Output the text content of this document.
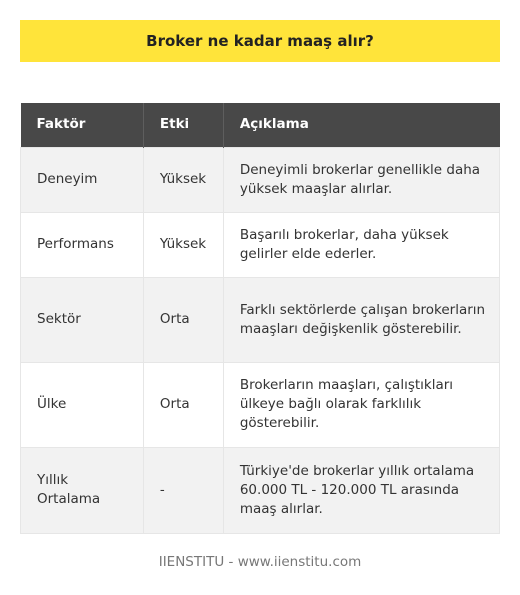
Broker ne kadar maaş alır?
Faktör	Etki	Açıklama
Deneyim	Yüksek	Deneyimli brokerlar genellikle daha yüksek maaşlar alırlar.
Performans	Yüksek	Başarılı brokerlar, daha yüksek gelirler elde ederler.
Sektör	Orta	Farklı sektörlerde çalışan brokerların maaşları değişkenlik gösterebilir.
Ülke	Orta	Brokerların maaşları, çalıştıkları ülkeye bağlı olarak farklılık gösterebilir.
Yıllık Ortalama	-	Türkiye'de brokerlar yıllık ortalama 60.000 TL - 120.000 TL arasında maaş alırlar.
IIENSTITU - www.iienstitu.com
